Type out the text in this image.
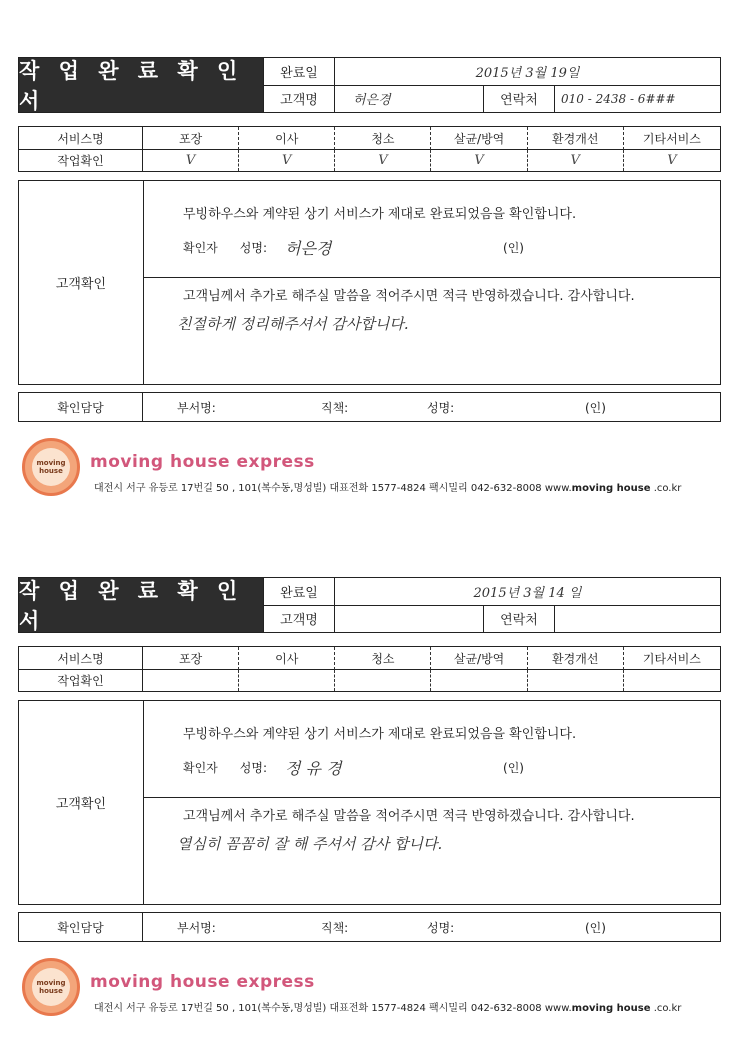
작 업 완 료 확 인 서
완료일	2015년 3월 19일
고객명	허은경	연락처	010 - 2438 - 6###
서비스명	포장	이사	청소	살균/방역	환경개선	기타서비스
작업확인	V	V	V	V	V	V
고객확인
무빙하우스와 계약된 상기 서비스가 제대로 완료되었음을 확인합니다.
확인자 성명: 허은경	(인)
고객님께서 추가로 해주실 말씀을 적어주시면 적극 반영하겠습니다. 감사합니다.
친절하게 정리해주셔서 감사합니다.
확인담당	부서명:	직책:	성명:	(인)
moving house	moving house express
대전시 서구 유등로 17번길 50 , 101(복수동,명성빌) 대표전화 1577-4824 팩시밀리 042-632-8008 www.moving house .co.kr
작 업 완 료 확 인 서
완료일	2015년 3월 14 일
고객명	연락처
서비스명	포장	이사	청소	살균/방역	환경개선	기타서비스
작업확인
고객확인
무빙하우스와 계약된 상기 서비스가 제대로 완료되었음을 확인합니다.
확인자 성명: 정 유 경	(인)
고객님께서 추가로 해주실 말씀을 적어주시면 적극 반영하겠습니다. 감사합니다.
열심히 꼼꼼히 잘 해 주셔서 감사 합니다.
확인담당	부서명:	직책:	성명:	(인)
moving house	moving house express
대전시 서구 유등로 17번길 50 , 101(복수동,명성빌) 대표전화 1577-4824 팩시밀리 042-632-8008 www.moving house .co.kr
